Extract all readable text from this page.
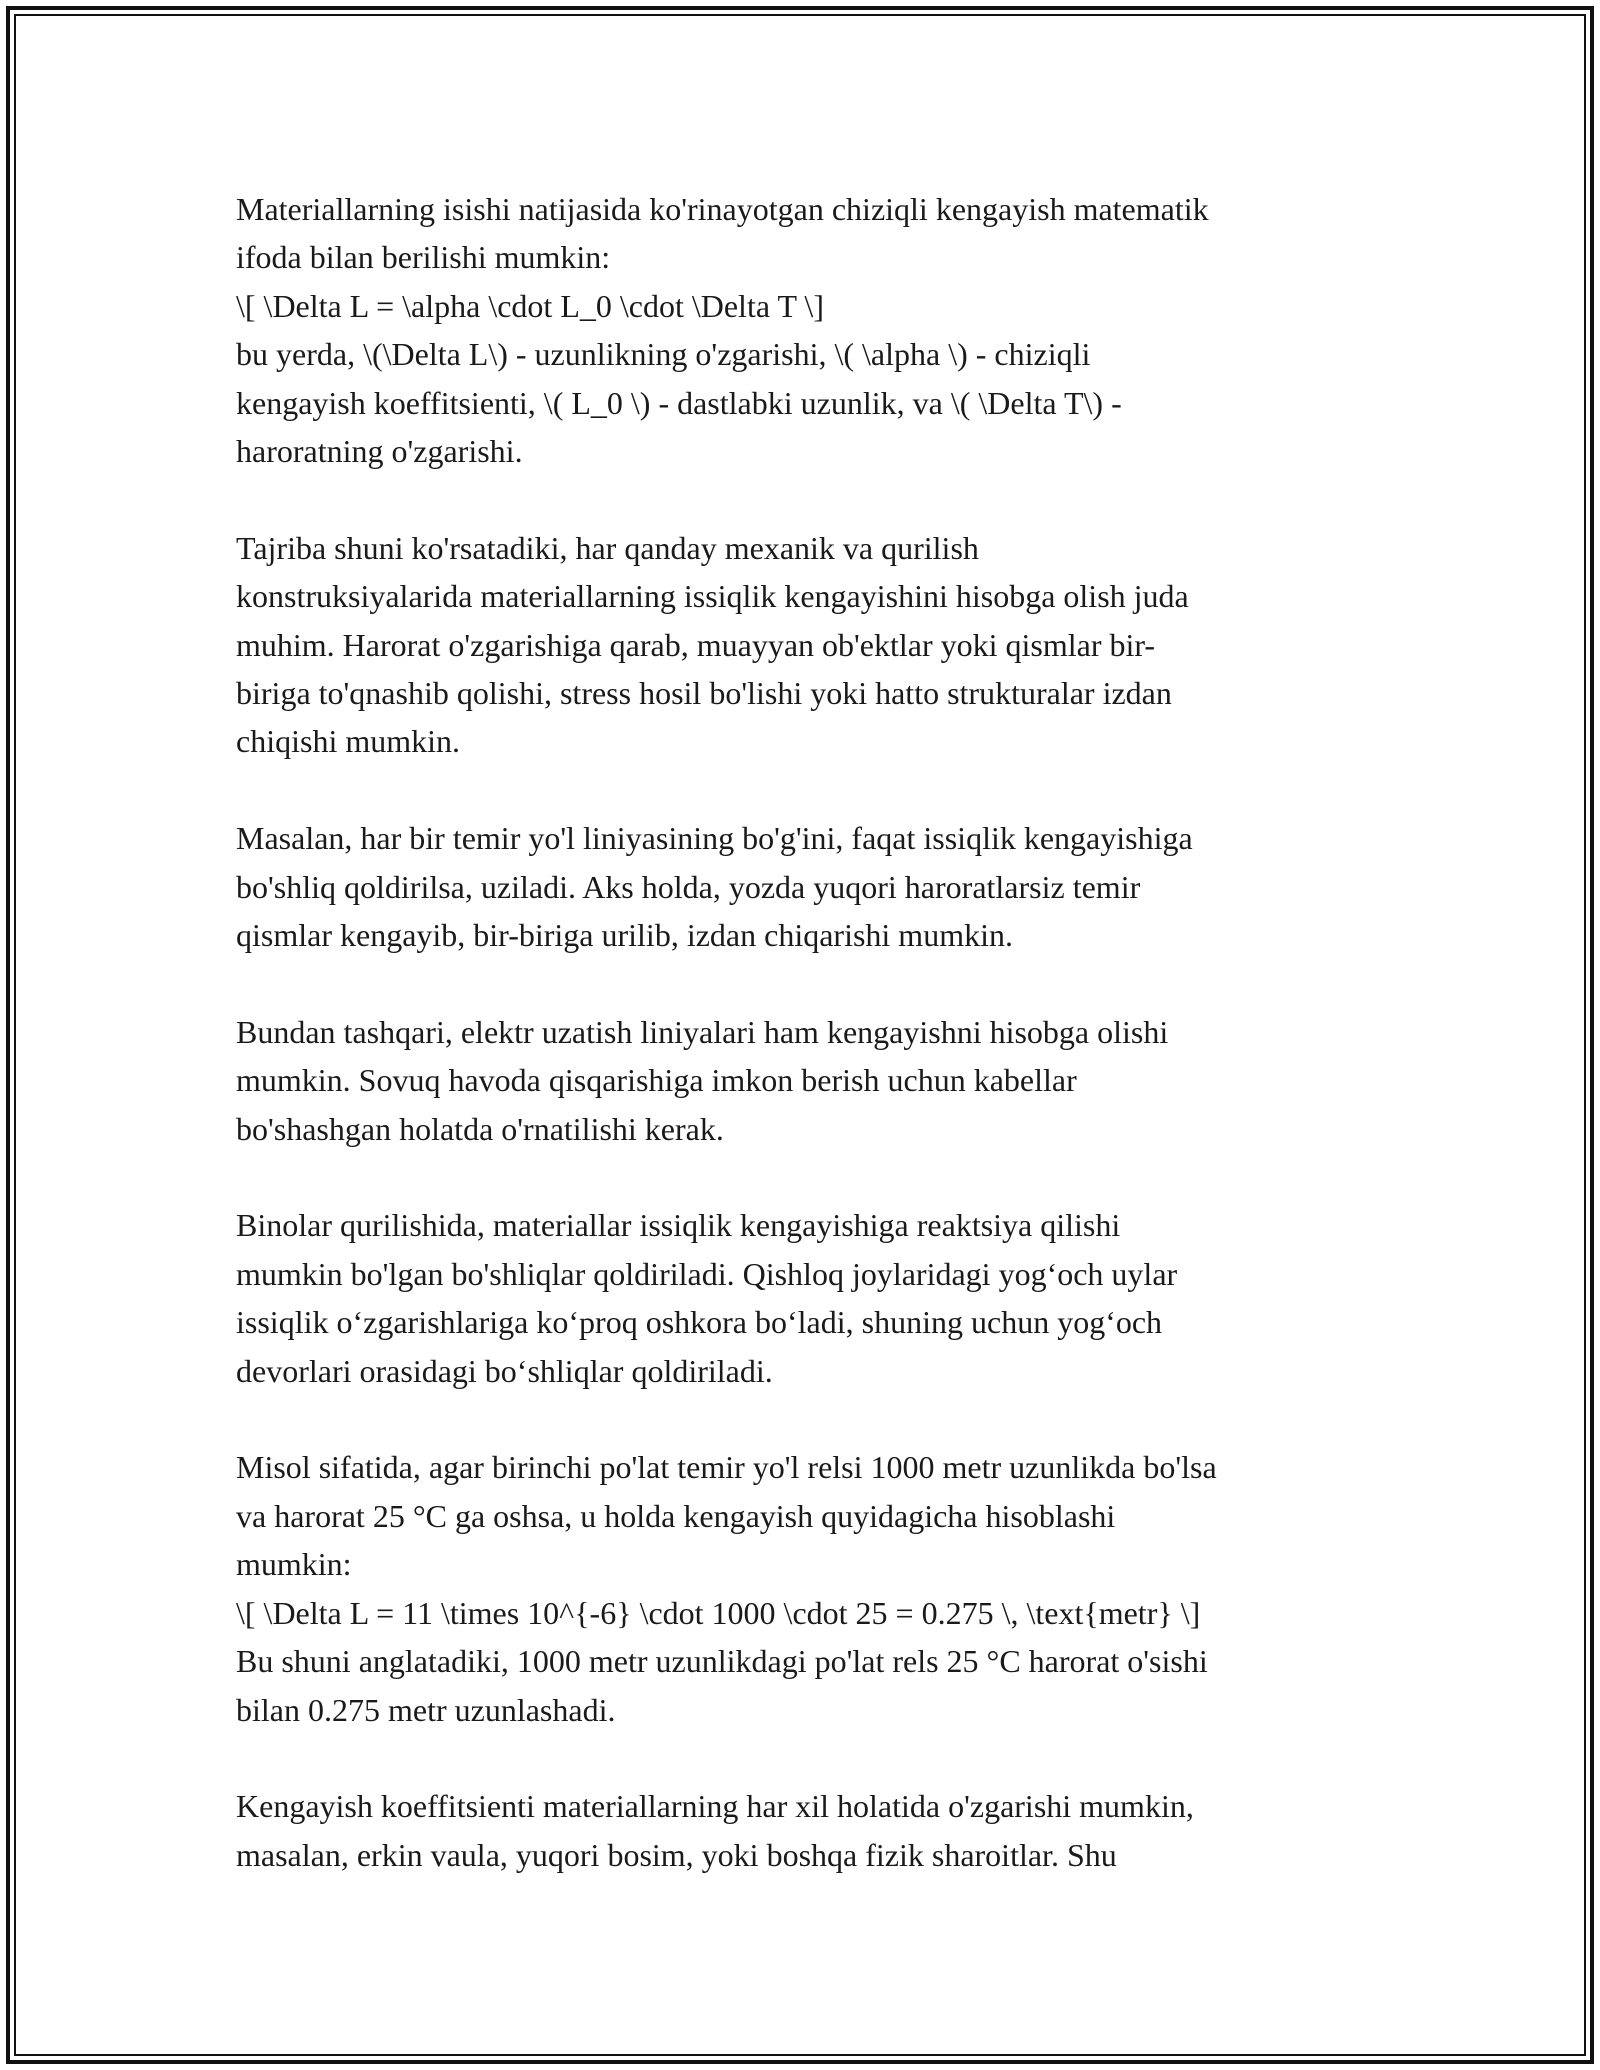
Materiallarning isishi natijasida ko'rinayotgan chiziqli kengayish matematik
ifoda bilan berilishi mumkin:
\[ \Delta L = \alpha \cdot L_0 \cdot \Delta T \]
bu yerda, \(\Delta L\) - uzunlikning o'zgarishi, \( \alpha \) - chiziqli
kengayish koeffitsienti, \( L_0 \) - dastlabki uzunlik, va \( \Delta T\) -
haroratning o'zgarishi.

Tajriba shuni ko'rsatadiki, har qanday mexanik va qurilish
konstruksiyalarida materiallarning issiqlik kengayishini hisobga olish juda
muhim. Harorat o'zgarishiga qarab, muayyan ob'ektlar yoki qismlar bir-
biriga to'qnashib qolishi, stress hosil bo'lishi yoki hatto strukturalar izdan
chiqishi mumkin.

Masalan, har bir temir yo'l liniyasining bo'g'ini, faqat issiqlik kengayishiga
bo'shliq qoldirilsa, uziladi. Aks holda, yozda yuqori haroratlarsiz temir
qismlar kengayib, bir-biriga urilib, izdan chiqarishi mumkin.

Bundan tashqari, elektr uzatish liniyalari ham kengayishni hisobga olishi
mumkin. Sovuq havoda qisqarishiga imkon berish uchun kabellar
bo'shashgan holatda o'rnatilishi kerak.

Binolar qurilishida, materiallar issiqlik kengayishiga reaktsiya qilishi
mumkin bo'lgan bo'shliqlar qoldiriladi. Qishloq joylaridagi yog‘och uylar
issiqlik o‘zgarishlariga ko‘proq oshkora bo‘ladi, shuning uchun yog‘och
devorlari orasidagi bo‘shliqlar qoldiriladi.

Misol sifatida, agar birinchi po'lat temir yo'l relsi 1000 metr uzunlikda bo'lsa
va harorat 25 °C ga oshsa, u holda kengayish quyidagicha hisoblashi
mumkin:
\[ \Delta L = 11 \times 10^{-6} \cdot 1000 \cdot 25 = 0.275 \, \text{metr} \]
Bu shuni anglatadiki, 1000 metr uzunlikdagi po'lat rels 25 °C harorat o'sishi
bilan 0.275 metr uzunlashadi.

Kengayish koeffitsienti materiallarning har xil holatida o'zgarishi mumkin,
masalan, erkin vaula, yuqori bosim, yoki boshqa fizik sharoitlar. Shu
